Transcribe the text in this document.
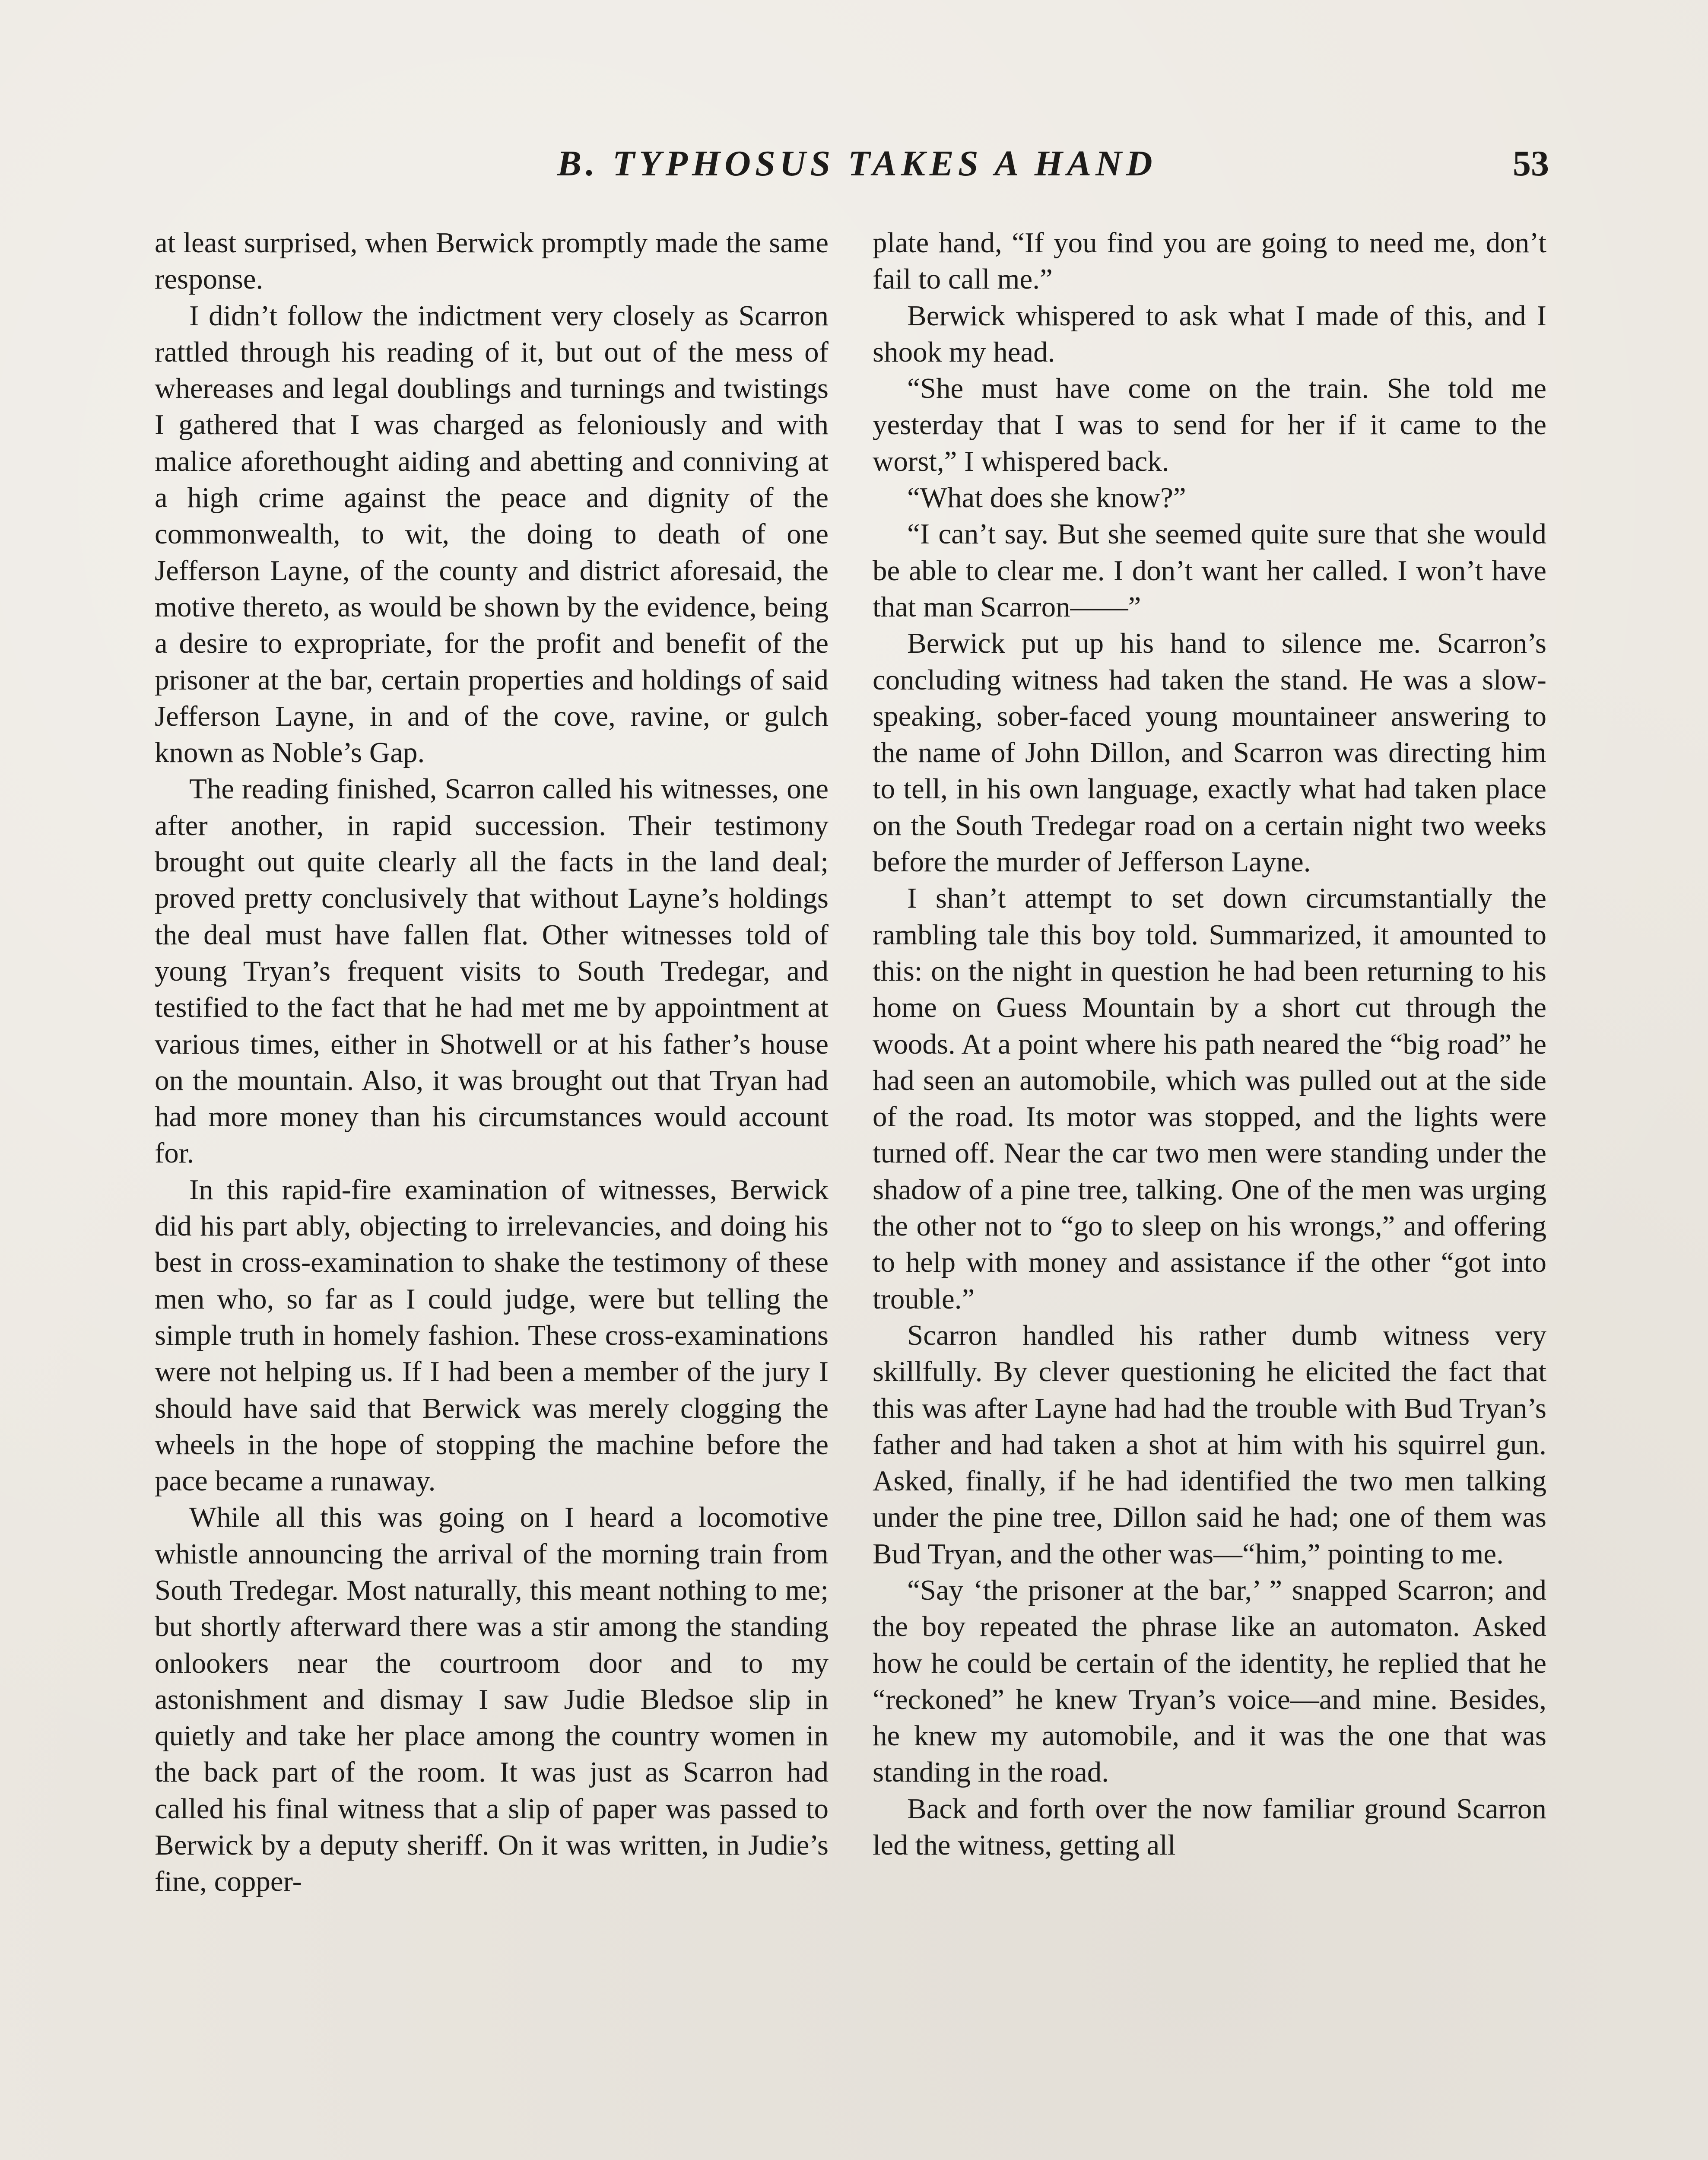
B. TYPHOSUS TAKES A HAND	53

at least surprised, when Berwick promptly made the same response.

I didn’t follow the indictment very closely as Scarron rattled through his reading of it, but out of the mess of whereases and legal doublings and turnings and twistings I gathered that I was charged as feloniously and with malice aforethought aiding and abetting and conniving at a high crime against the peace and dignity of the commonwealth, to wit, the doing to death of one Jefferson Layne, of the county and district aforesaid, the motive thereto, as would be shown by the evidence, being a desire to expropriate, for the profit and benefit of the prisoner at the bar, certain properties and holdings of said Jefferson Layne, in and of the cove, ravine, or gulch known as Noble’s Gap.

The reading finished, Scarron called his witnesses, one after another, in rapid succession. Their testimony brought out quite clearly all the facts in the land deal; proved pretty conclusively that without Layne’s holdings the deal must have fallen flat. Other witnesses told of young Tryan’s frequent visits to South Tredegar, and testified to the fact that he had met me by appointment at various times, either in Shotwell or at his father’s house on the mountain. Also, it was brought out that Tryan had had more money than his circumstances would account for.

In this rapid-fire examination of witnesses, Berwick did his part ably, objecting to irrelevancies, and doing his best in cross-examination to shake the testimony of these men who, so far as I could judge, were but telling the simple truth in homely fashion. These cross-examinations were not helping us. If I had been a member of the jury I should have said that Berwick was merely clogging the wheels in the hope of stopping the machine before the pace became a runaway.

While all this was going on I heard a locomotive whistle announcing the arrival of the morning train from South Tredegar. Most naturally, this meant nothing to me; but shortly afterward there was a stir among the standing onlookers near the courtroom door and to my astonishment and dismay I saw Judie Bledsoe slip in quietly and take her place among the country women in the back part of the room. It was just as Scarron had called his final witness that a slip of paper was passed to Berwick by a deputy sheriff. On it was written, in Judie’s fine, copper-

plate hand, “If you find you are going to need me, don’t fail to call me.”

Berwick whispered to ask what I made of this, and I shook my head.

“She must have come on the train. She told me yesterday that I was to send for her if it came to the worst,” I whispered back.

“What does she know?”

“I can’t say. But she seemed quite sure that she would be able to clear me. I don’t want her called. I won’t have that man Scarron——”

Berwick put up his hand to silence me. Scarron’s concluding witness had taken the stand. He was a slow-speaking, sober-faced young mountaineer answering to the name of John Dillon, and Scarron was directing him to tell, in his own language, exactly what had taken place on the South Tredegar road on a certain night two weeks before the murder of Jefferson Layne.

I shan’t attempt to set down circumstantially the rambling tale this boy told. Summarized, it amounted to this: on the night in question he had been returning to his home on Guess Mountain by a short cut through the woods. At a point where his path neared the “big road” he had seen an automobile, which was pulled out at the side of the road. Its motor was stopped, and the lights were turned off. Near the car two men were standing under the shadow of a pine tree, talking. One of the men was urging the other not to “go to sleep on his wrongs,” and offering to help with money and assistance if the other “got into trouble.”

Scarron handled his rather dumb witness very skillfully. By clever questioning he elicited the fact that this was after Layne had had the trouble with Bud Tryan’s father and had taken a shot at him with his squirrel gun. Asked, finally, if he had identified the two men talking under the pine tree, Dillon said he had; one of them was Bud Tryan, and the other was—“him,” pointing to me.

“Say ‘the prisoner at the bar,’ ” snapped Scarron; and the boy repeated the phrase like an automaton. Asked how he could be certain of the identity, he replied that he “reckoned” he knew Tryan’s voice—and mine. Besides, he knew my automobile, and it was the one that was standing in the road.

Back and forth over the now familiar ground Scarron led the witness, getting all
